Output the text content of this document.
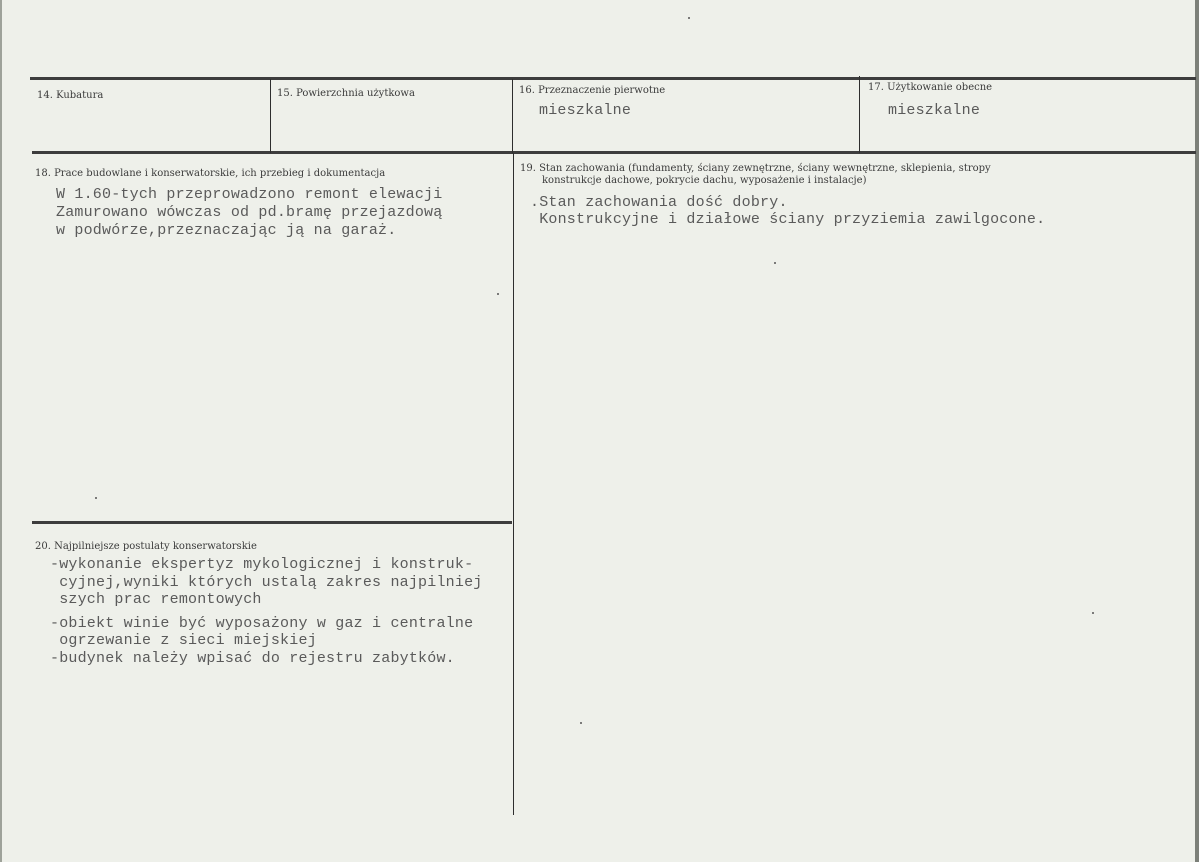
14. Kubatura	15. Powierzchnia użytkowa	16. Przeznaczenie pierwotne
mieszkalne
17. Użytkowanie obecne
mieszkalne
18. Prace budowlane i konserwatorskie, ich przebieg i dokumentacja
W 1.60-tych przeprowadzono remont elewacji
Zamurowano wówczas od pd.bramę przejazdową
w podwórze,przeznaczając ją na garaż.
19. Stan zachowania (fundamenty, ściany zewnętrzne, ściany wewnętrzne, sklepienia, stropy
konstrukcje dachowe, pokrycie dachu, wyposażenie i instalacje)
.Stan zachowania dość dobry.
Konstrukcyjne i działowe ściany przyziemia zawilgocone.
20. Najpilniejsze postulaty konserwatorskie
-wykonanie ekspertyz mykologicznej i konstruk-
cyjnej,wyniki których ustalą zakres najpilniej
szych prac remontowych
-obiekt winie być wyposażony w gaz i centralne
ogrzewanie z sieci miejskiej
-budynek należy wpisać do rejestru zabytków.
